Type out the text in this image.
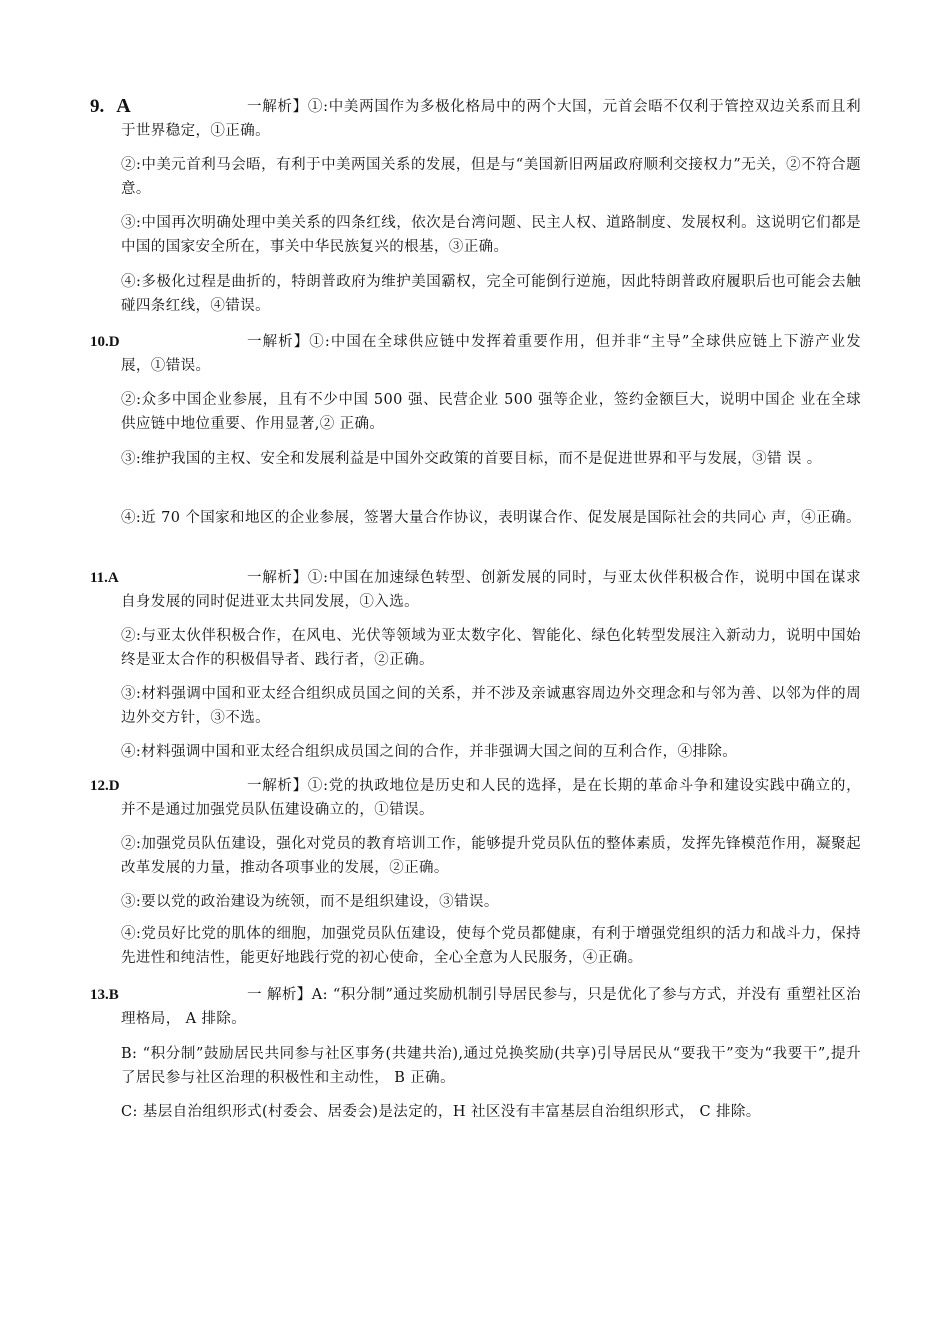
9. A	一解析】①:中美两国作为多极化格局中的两个大国，元首会晤不仅利于管控双边关系而且利于世界稳定，①正确。
②:中美元首利马会晤，有利于中美两国关系的发展，但是与“美国新旧两届政府顺利交接权力”无关，②不符合题意。
③:中国再次明确处理中美关系的四条红线，依次是台湾问题、民主人权、道路制度、发展权利。这说明它们都是中国的国家安全所在，事关中华民族复兴的根基，③正确。
④:多极化过程是曲折的，特朗普政府为维护美国霸权，完全可能倒行逆施，因此特朗普政府履职后也可能会去触碰四条红线，④错误。
10.D	一解析】①:中国在全球供应链中发挥着重要作用，但并非“主导”全球供应链上下游产业发展，①错误。
②:众多中国企业参展，且有不少中国 500 强、民营企业 500 强等企业，签约金额巨大，说明中国企 业在全球供应链中地位重要、作用显著,② 正确。
③:维护我国的主权、安全和发展利益是中国外交政策的首要目标，而不是促进世界和平与发展，③错 误 。
④:近 70 个国家和地区的企业参展，签署大量合作协议，表明谋合作、促发展是国际社会的共同心 声，④正确。
11.A	一解析】①:中国在加速绿色转型、创新发展的同时，与亚太伙伴积极合作，说明中国在谋求自身发展的同时促进亚太共同发展，①入选。
②:与亚太伙伴积极合作，在风电、光伏等领域为亚太数字化、智能化、绿色化转型发展注入新动力，说明中国始终是亚太合作的积极倡导者、践行者，②正确。
③:材料强调中国和亚太经合组织成员国之间的关系，并不涉及亲诚惠容周边外交理念和与邻为善、以邻为伴的周边外交方针，③不选。
④:材料强调中国和亚太经合组织成员国之间的合作，并非强调大国之间的互利合作，④排除。
12.D	一解析】①:党的执政地位是历史和人民的选择，是在长期的革命斗争和建设实践中确立的，并不是通过加强党员队伍建设确立的，①错误。
②:加强党员队伍建设，强化对党员的教育培训工作，能够提升党员队伍的整体素质，发挥先锋模范作用，凝聚起改革发展的力量，推动各项事业的发展，②正确。
③:要以党的政治建设为统领，而不是组织建设，③错误。
④:党员好比党的肌体的细胞，加强党员队伍建设，使每个党员都健康，有利于增强党组织的活力和战斗力，保持先进性和纯洁性，能更好地践行党的初心使命，全心全意为人民服务，④正确。
13.B	一 解析】A: “积分制”通过奖励机制引导居民参与，只是优化了参与方式，并没有 重塑社区治理格局， A 排除。
B: “积分制”鼓励居民共同参与社区事务(共建共治),通过兑换奖励(共享)引导居民从“要我干”变为“我要干”,提升了居民参与社区治理的积极性和主动性， B 正确。
C: 基层自治组织形式(村委会、居委会)是法定的，H 社区没有丰富基层自治组织形式， C 排除。
